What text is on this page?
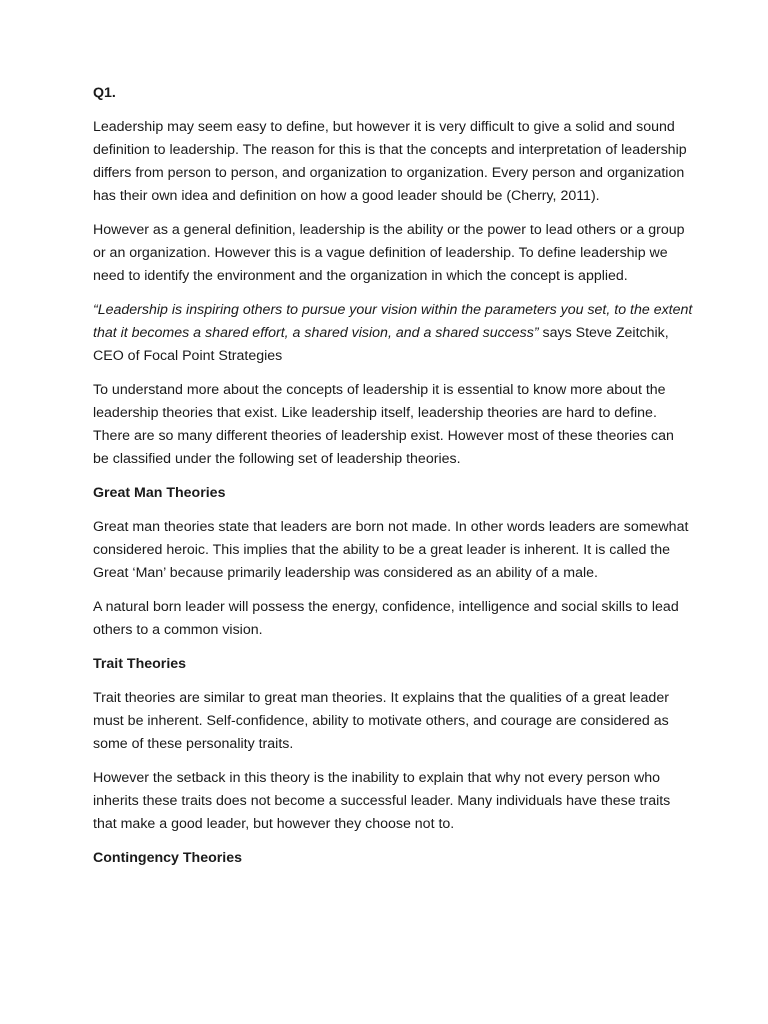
Q1.

Leadership may seem easy to define, but however it is very difficult to give a solid and sound definition to leadership. The reason for this is that the concepts and interpretation of leadership differs from person to person, and organization to organization. Every person and organization has their own idea and definition on how a good leader should be (Cherry, 2011).

However as a general definition, leadership is the ability or the power to lead others or a group or an organization. However this is a vague definition of leadership. To define leadership we need to identify the environment and the organization in which the concept is applied.

“Leadership is inspiring others to pursue your vision within the parameters you set, to the extent that it becomes a shared effort, a shared vision, and a shared success” says Steve Zeitchik, CEO of Focal Point Strategies

To understand more about the concepts of leadership it is essential to know more about the leadership theories that exist. Like leadership itself, leadership theories are hard to define. There are so many different theories of leadership exist. However most of these theories can be classified under the following set of leadership theories.

Great Man Theories

Great man theories state that leaders are born not made. In other words leaders are somewhat considered heroic. This implies that the ability to be a great leader is inherent. It is called the Great ‘Man’ because primarily leadership was considered as an ability of a male.

A natural born leader will possess the energy, confidence, intelligence and social skills to lead others to a common vision.

Trait Theories

Trait theories are similar to great man theories. It explains that the qualities of a great leader must be inherent. Self-confidence, ability to motivate others, and courage are considered as some of these personality traits.

However the setback in this theory is the inability to explain that why not every person who inherits these traits does not become a successful leader. Many individuals have these traits that make a good leader, but however they choose not to.

Contingency Theories
